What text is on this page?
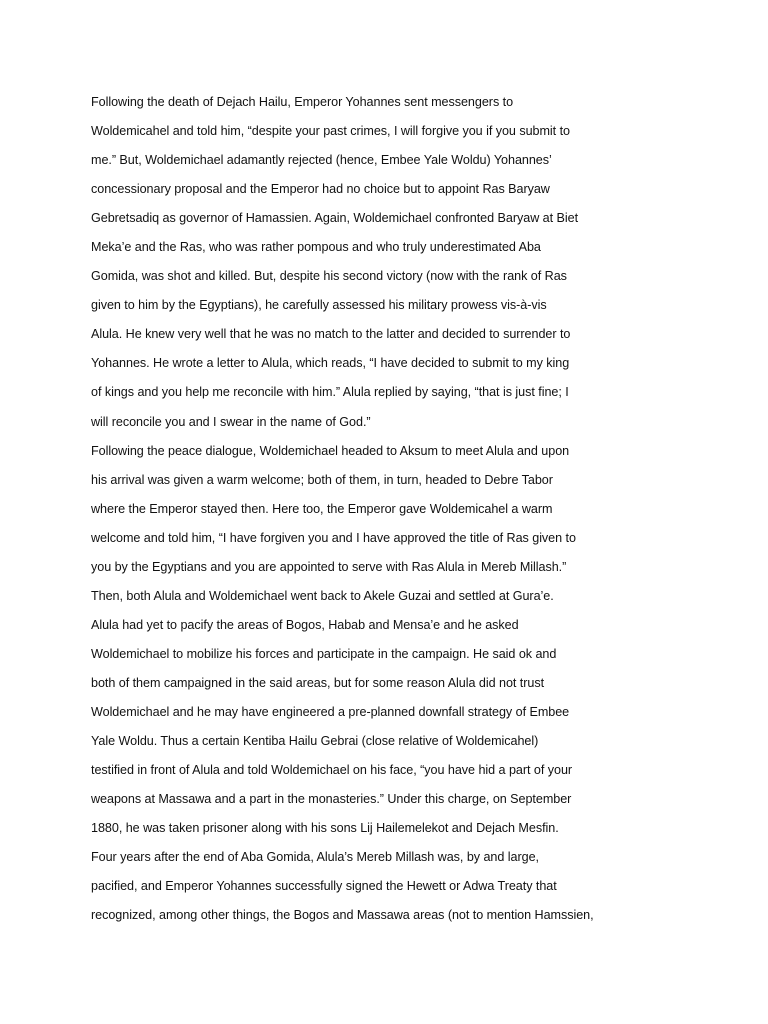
Following the death of Dejach Hailu, Emperor Yohannes sent messengers to
Woldemicahel and told him, “despite your past crimes, I will forgive you if you submit to
me.” But, Woldemichael adamantly rejected (hence, Embee Yale Woldu) Yohannes’
concessionary proposal and the Emperor had no choice but to appoint Ras Baryaw
Gebretsadiq as governor of Hamassien. Again, Woldemichael confronted Baryaw at Biet
Meka’e and the Ras, who was rather pompous and who truly underestimated Aba
Gomida, was shot and killed. But, despite his second victory (now with the rank of Ras
given to him by the Egyptians), he carefully assessed his military prowess vis-à-vis
Alula. He knew very well that he was no match to the latter and decided to surrender to
Yohannes. He wrote a letter to Alula, which reads, “I have decided to submit to my king
of kings and you help me reconcile with him.” Alula replied by saying, “that is just fine; I
will reconcile you and I swear in the name of God.”
Following the peace dialogue, Woldemichael headed to Aksum to meet Alula and upon
his arrival was given a warm welcome; both of them, in turn, headed to Debre Tabor
where the Emperor stayed then. Here too, the Emperor gave Woldemicahel a warm
welcome and told him, “I have forgiven you and I have approved the title of Ras given to
you by the Egyptians and you are appointed to serve with Ras Alula in Mereb Millash.”
Then, both Alula and Woldemichael went back to Akele Guzai and settled at Gura’e.
Alula had yet to pacify the areas of Bogos, Habab and Mensa’e and he asked
Woldemichael to mobilize his forces and participate in the campaign. He said ok and
both of them campaigned in the said areas, but for some reason Alula did not trust
Woldemichael and he may have engineered a pre-planned downfall strategy of Embee
Yale Woldu. Thus a certain Kentiba Hailu Gebrai (close relative of Woldemicahel)
testified in front of Alula and told Woldemichael on his face, “you have hid a part of your
weapons at Massawa and a part in the monasteries.” Under this charge, on September
1880, he was taken prisoner along with his sons Lij Hailemelekot and Dejach Mesfin.
Four years after the end of Aba Gomida, Alula’s Mereb Millash was, by and large,
pacified, and Emperor Yohannes successfully signed the Hewett or Adwa Treaty that
recognized, among other things, the Bogos and Massawa areas (not to mention Hamssien,
